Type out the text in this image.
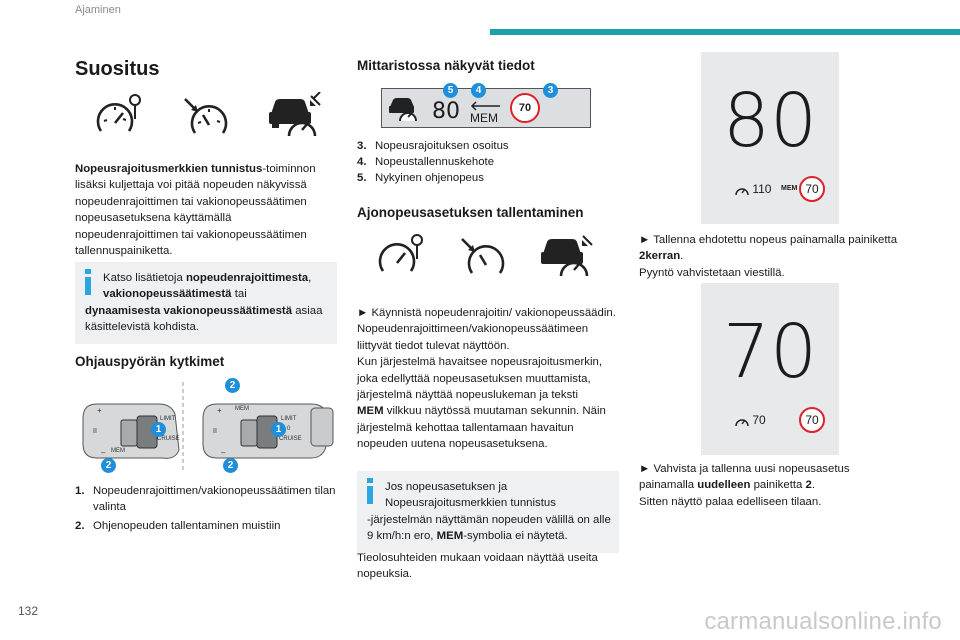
Ajaminen
Suositus

Nopeusrajoitusmerkkien tunnistus-toiminnon lisäksi kuljettaja voi pitää nopeuden näkyvissä nopeudenrajoittimen tai vakionopeussäätimen nopeusasetuksena käyttämällä nopeudenrajoittimen tai vakionopeussäätimen tallennuspainiketta.

Katso lisätietoja nopeudenrajoittimesta, vakionopeussäätimestä tai
dynaamisesta vakionopeussäätimestä asiaa käsittelevistä kohdista.
Ohjauspyörän kytkimet
+
II
–
LIMIT
CRUISE
MEM
+
II
–
MEM
LIMIT
0
CRUISE
1	1
2
2
2
1. Nopeudenrajoittimen/vakionopeussäätimen tilan valinta
2. Ohjenopeuden tallentaminen muistiin
Mittaristossa näkyvät tiedot
80 MEM
70
5	4	3
3. Nopeusrajoituksen osoitus
4. Nopeustallennuskehote
5. Nykyinen ohjenopeus
Ajonopeusasetuksen tallentaminen

► Käynnistä nopeudenrajoitin/ vakionopeussäädin.

Nopeudenrajoittimeen/vakionopeussäätimeen liittyvät tiedot tulevat näyttöön.

Kun järjestelmä havaitsee nopeusrajoitusmerkin, joka edellyttää nopeusasetuksen muuttamista, järjestelmä näyttää nopeuslukeman ja teksti
MEM vilkkuu näytössä muutaman sekunnin. Näin järjestelmä kehottaa tallentamaan havaitun nopeuden uutena nopeusasetuksena.

Jos nopeusasetuksen ja
Nopeusrajoitusmerkkien tunnistus
-järjestelmän näyttämän nopeuden välillä on alle 9 km/h:n ero, MEM-symbolia ei näytetä.

Tieolosuhteiden mukaan voidaan näyttää useita nopeuksia.

80
110 MEM 70

► Tallenna ehdotettu nopeus painamalla painiketta 2kerran.
Pyyntö vahvistetaan viestillä.

70
70	70

► Vahvista ja tallenna uusi nopeusasetus painamalla uudelleen painiketta 2.
Sitten näyttö palaa edelliseen tilaan.

132	carmanualsonline.info
